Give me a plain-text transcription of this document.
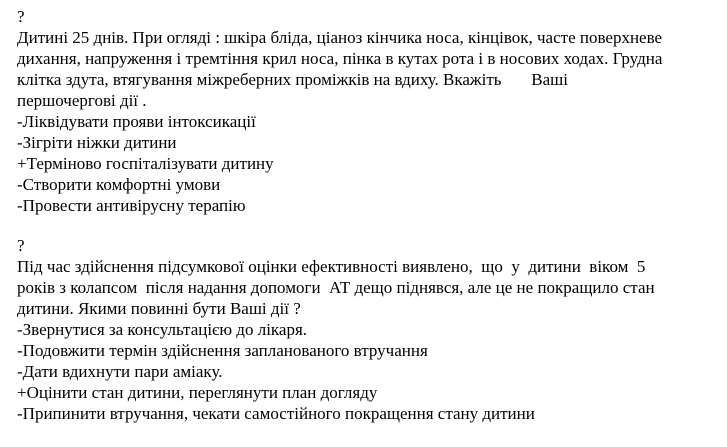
?
Дитині 25 днів. При огляді : шкіра бліда, ціаноз кінчика носа, кінцівок, часте поверхневе
дихання, напруження і тремтіння крил носа, пінка в кутах рота і в носових ходах. Грудна
клітка здута, втягування міжреберних проміжків на вдиху. Вкажіть       Ваші
першочергові дії .
-Ліквідувати прояви інтоксикації
-Зігріти ніжки дитини
+Терміново госпіталізувати дитину
-Створити комфортні умови
-Провести антивірусну терапію
?
Під час здійснення підсумкової оцінки ефективності виявлено,  що  у  дитини  віком  5
років з колапсом  після надання допомоги  АТ дещо піднявся, але це не покращило стан
дитини. Якими повинні бути Ваші дії ?
-Звернутися за консультацією до лікаря.
-Подовжити термін здійснення запланованого втручання
-Дати вдихнути пари аміаку.
+Оцінити стан дитини, переглянути план догляду
-Припинити втручання, чекати самостійного покращення стану дитини
